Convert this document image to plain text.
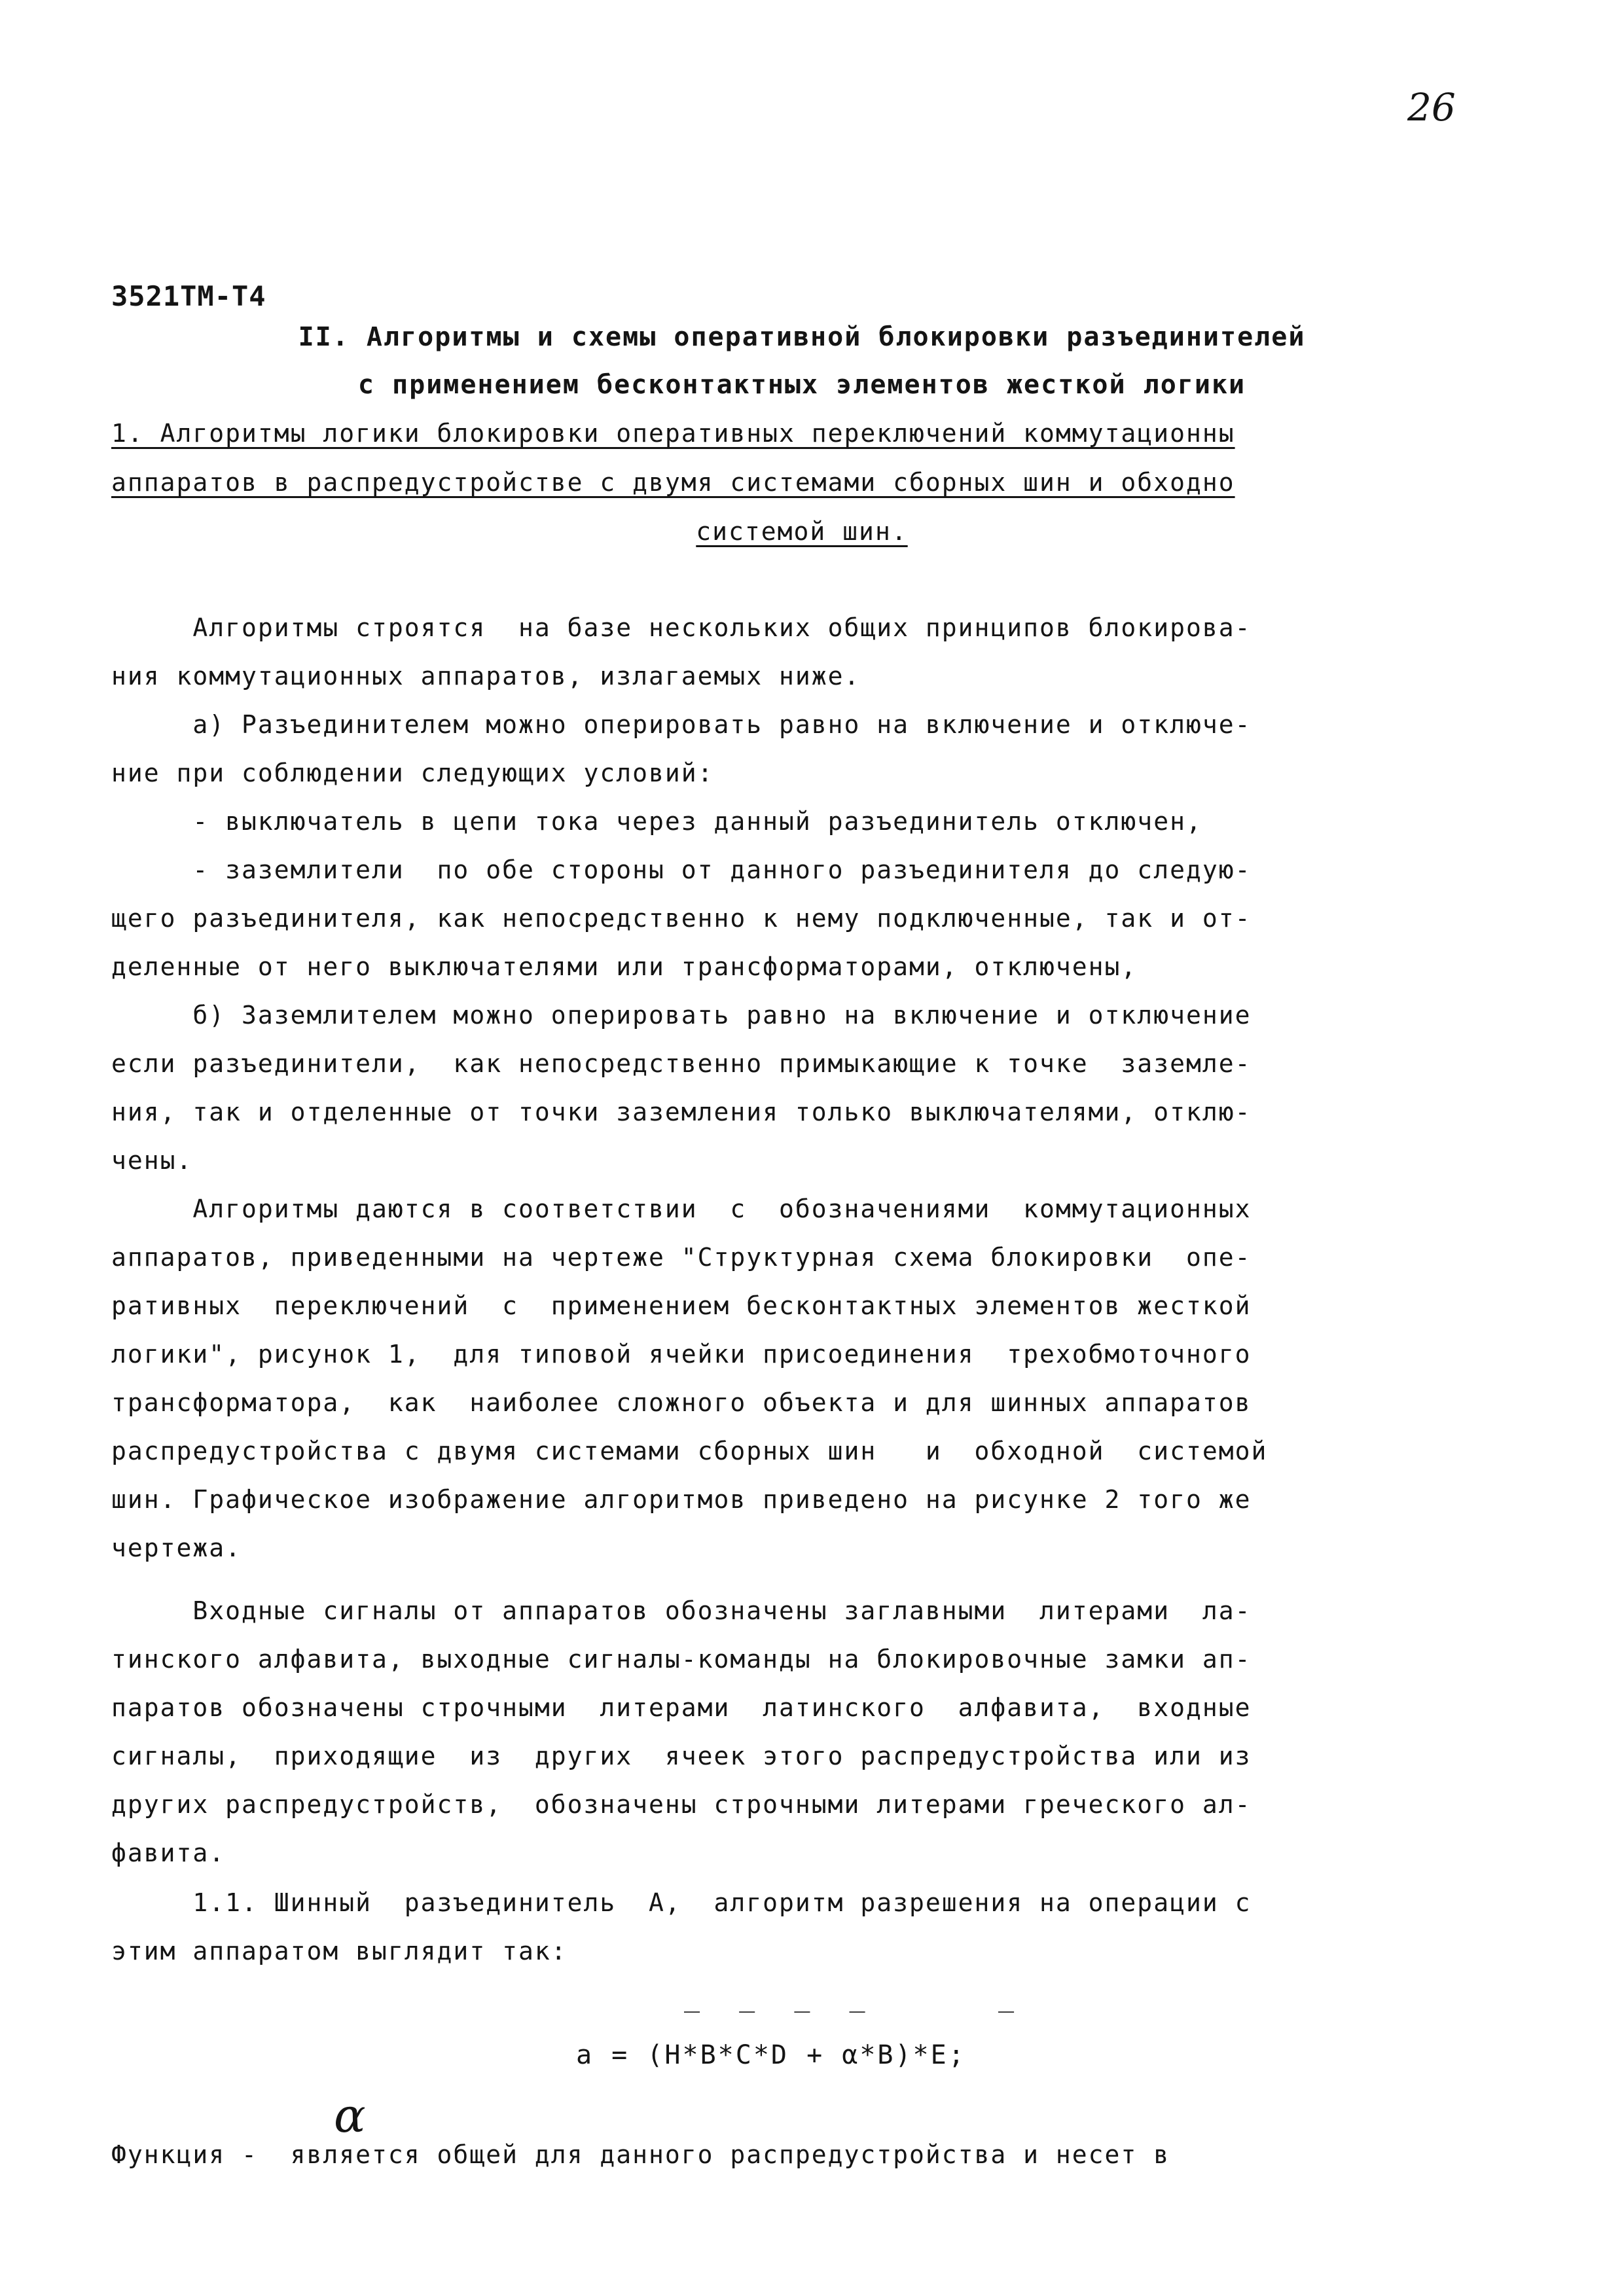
26
3521ТМ-Т4
II. Алгоритмы и схемы оперативной блокировки разъединителей
с применением бесконтактных элементов жесткой логики
1. Алгоритмы логики блокировки оперативных переключений коммутационны
аппаратов в распредустройстве с двумя системами сборных шин и обходно
системой шин.
Алгоритмы строятся  на базе нескольких общих принципов блокирова-
ния коммутационных аппаратов, излагаемых ниже.
а) Разъединителем можно оперировать равно на включение и отключе-
ние при соблюдении следующих условий:
- выключатель в цепи тока через данный разъединитель отключен,
- заземлители  по обе стороны от данного разъединителя до следую-
щего разъединителя, как непосредственно к нему подключенные, так и от-
деленные от него выключателями или трансформаторами, отключены,
б) Заземлителем можно оперировать равно на включение и отключение
если разъединители,  как непосредственно примыкающие к точке  заземле-
ния, так и отделенные от точки заземления только выключателями, отклю-
чены.
Алгоритмы даются в соответствии  с  обозначениями  коммутационных
аппаратов, приведенными на чертеже "Структурная схема блокировки  опе-
ративных  переключений  с  применением бесконтактных элементов жесткой
логики", рисунок 1,  для типовой ячейки присоединения  трехобмоточного
трансформатора,  как  наиболее сложного объекта и для шинных аппаратов
распредустройства с двумя системами сборных шин   и  обходной  системой
шин. Графическое изображение алгоритмов приведено на рисунке 2 того же
чертежа.
Входные сигналы от аппаратов обозначены заглавными  литерами  ла-
тинского алфавита, выходные сигналы-команды на блокировочные замки ап-
паратов обозначены строчными  литерами  латинского  алфавита,  входные
сигналы,  приходящие  из  других  ячеек этого распредустройства или из
других распредустройств,  обозначены строчными литерами греческого ал-
фавита.
1.1. Шинный  разъединитель  А,  алгоритм разрешения на операции с
этим аппаратом выглядит так:
‾ ‾ ‾ ‾	‾
а = (Н*В*С*D + α*В)*Е;
α
Функция -  является общей для данного распредустройства и несет в
